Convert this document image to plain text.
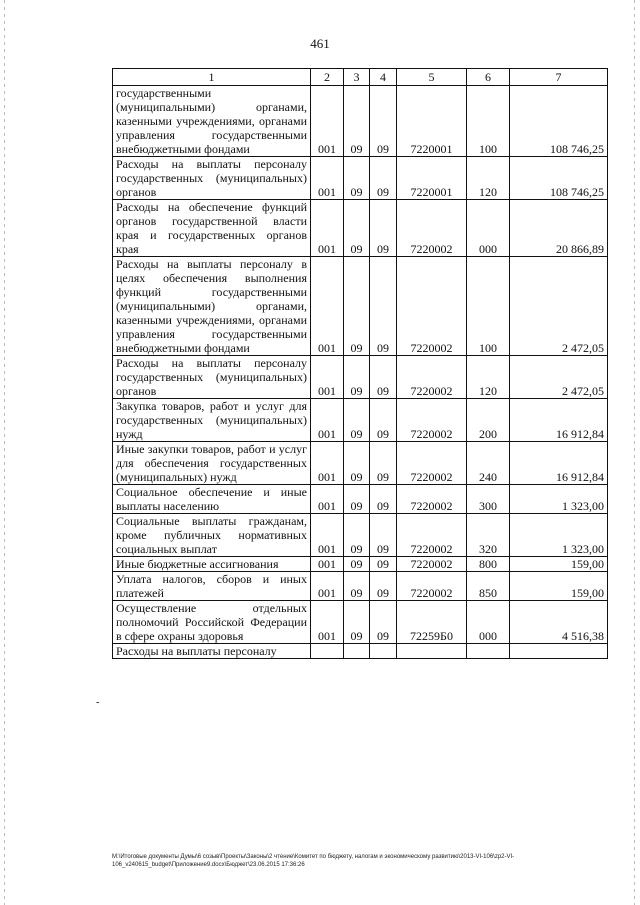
461
1	2	3	4	5	6	7
государственными (муниципальными) органами, казенными учреждениями, органами управления государственными внебюджетными фондами	001	09	09	7220001	100	108 746,25
Расходы на выплаты персоналу государственных (муниципальных) органов	001	09	09	7220001	120	108 746,25
Расходы на обеспечение функций органов государственной власти края и государственных органов края	001	09	09	7220002	000	20 866,89
Расходы на выплаты персоналу в целях обеспечения выполнения функций государственными (муниципальными) органами, казенными учреждениями, органами управления государственными внебюджетными фондами	001	09	09	7220002	100	2 472,05
Расходы на выплаты персоналу государственных (муниципальных) органов	001	09	09	7220002	120	2 472,05
Закупка товаров, работ и услуг для государственных (муниципальных) нужд	001	09	09	7220002	200	16 912,84
Иные закупки товаров, работ и услуг для обеспечения государственных (муниципальных) нужд	001	09	09	7220002	240	16 912,84
Социальное обеспечение и иные выплаты населению	001	09	09	7220002	300	1 323,00
Социальные выплаты гражданам, кроме публичных нормативных социальных выплат	001	09	09	7220002	320	1 323,00
Иные бюджетные ассигнования	001	09	09	7220002	800	159,00
Уплата налогов, сборов и иных платежей	001	09	09	7220002	850	159,00
Осуществление отдельных полномочий Российской Федерации в сфере охраны здоровья	001	09	09	72259Б0	000	4 516,38
Расходы на выплаты персоналу						
-
М:\Итоговые документы Думы\6 созыв\Проекты\Законы\2 чтение\Комитет по бюджету, налогам и экономическому развитию\2013-VI-106\zp2-VI-106_v240615_budget\Приложение9.docx\Бюджет\23.06.2015 17:36:26
